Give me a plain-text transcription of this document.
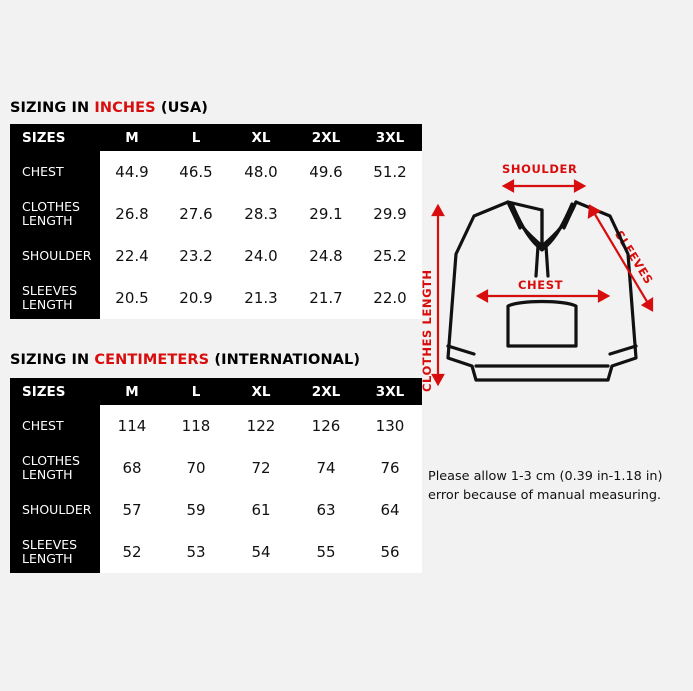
SIZING IN INCHES (USA)
SIZES	M	L	XL	2XL	3XL

CHEST	44.9	46.5	48.0	49.6	51.2

CLOTHES
LENGTH	26.8	27.6	28.3	29.1	29.9

SHOULDER	22.4	23.2	24.0	24.8	25.2

SLEEVES
LENGTH	20.5	20.9	21.3	21.7	22.0
SIZING IN CENTIMETERS (INTERNATIONAL)
SIZES	M	L	XL	2XL	3XL

CHEST	114	118	122	126	130

CLOTHES
LENGTH	68	70	72	74	76

SHOULDER	57	59	61	63	64

SLEEVES
LENGTH	52	53	54	55	56
SHOULDER
CLOTHES LENGTH
SLEEVES
CHEST
Please allow 1-3 cm (0.39 in-1.18 in) error because of manual measuring.
